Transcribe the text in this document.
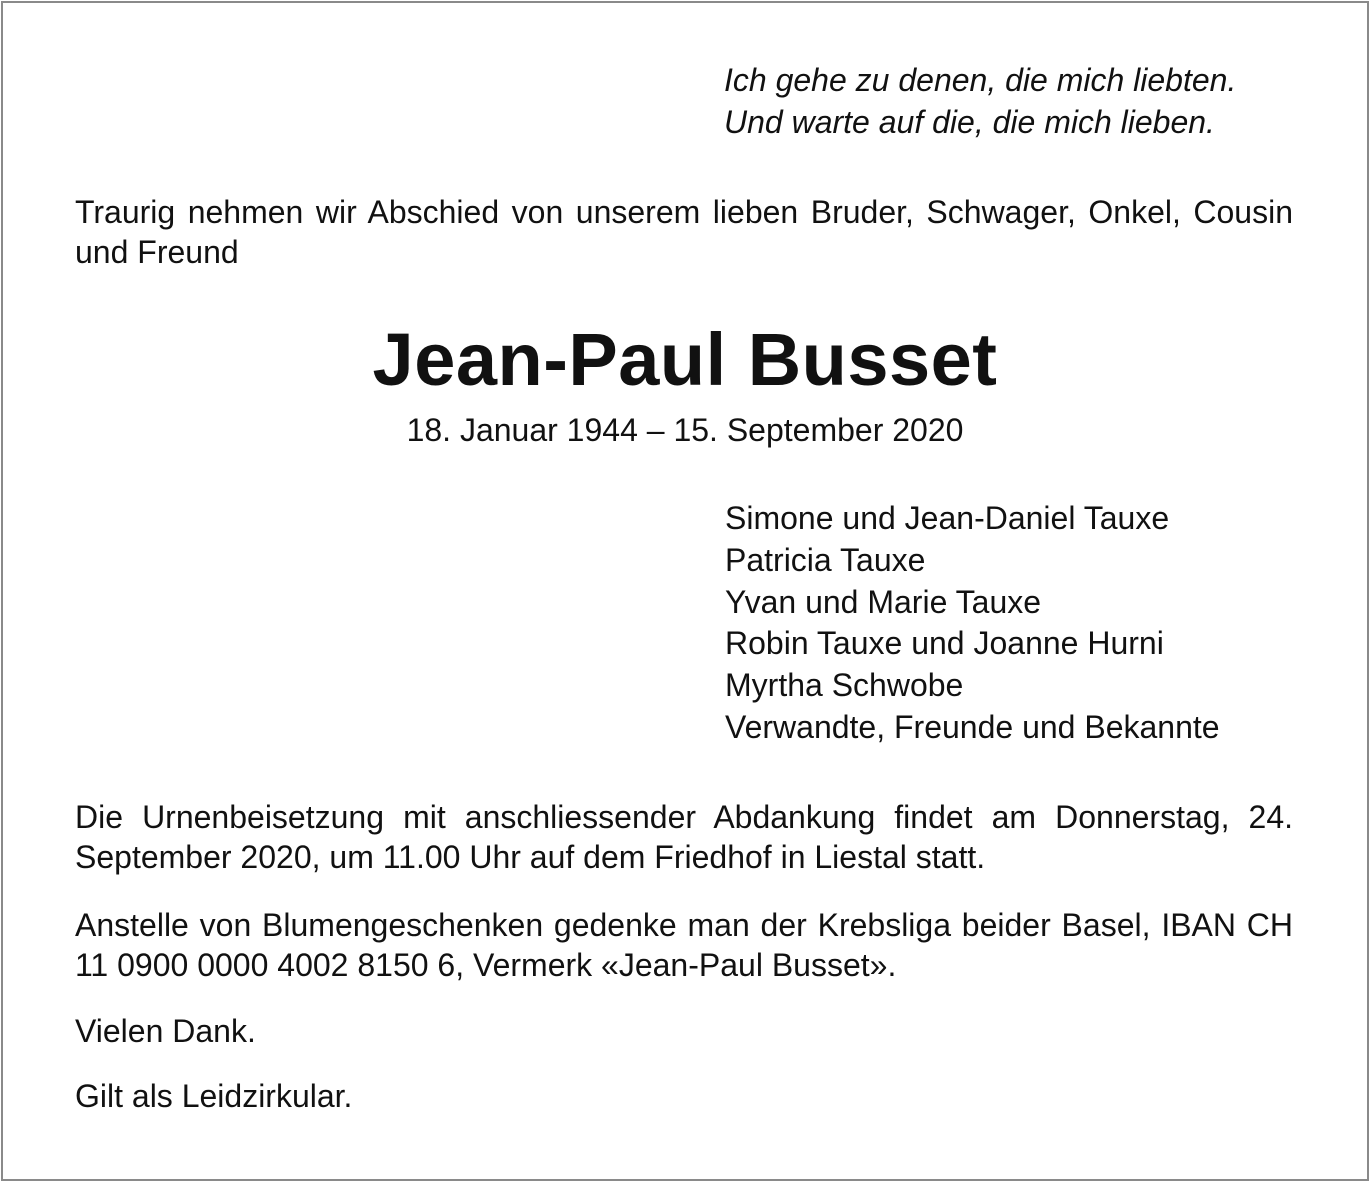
Ich gehe zu denen, die mich liebten.
Und warte auf die, die mich lieben.
Traurig nehmen wir Abschied von unserem lieben Bruder, Schwager, Onkel, Cousin und Freund
Jean-Paul Busset
18. Januar 1944 – 15. September 2020
Simone und Jean-Daniel Tauxe
Patricia Tauxe
Yvan und Marie Tauxe
Robin Tauxe und Joanne Hurni
Myrtha Schwobe
Verwandte, Freunde und Bekannte
Die Urnenbeisetzung mit anschliessender Abdankung findet am Donnerstag, 24. September 2020, um 11.00 Uhr auf dem Friedhof in Liestal statt.
Anstelle von Blumengeschenken gedenke man der Krebsliga beider Basel, IBAN CH 11 0900 0000 4002 8150 6, Vermerk «Jean-Paul Busset».
Vielen Dank.
Gilt als Leidzirkular.
